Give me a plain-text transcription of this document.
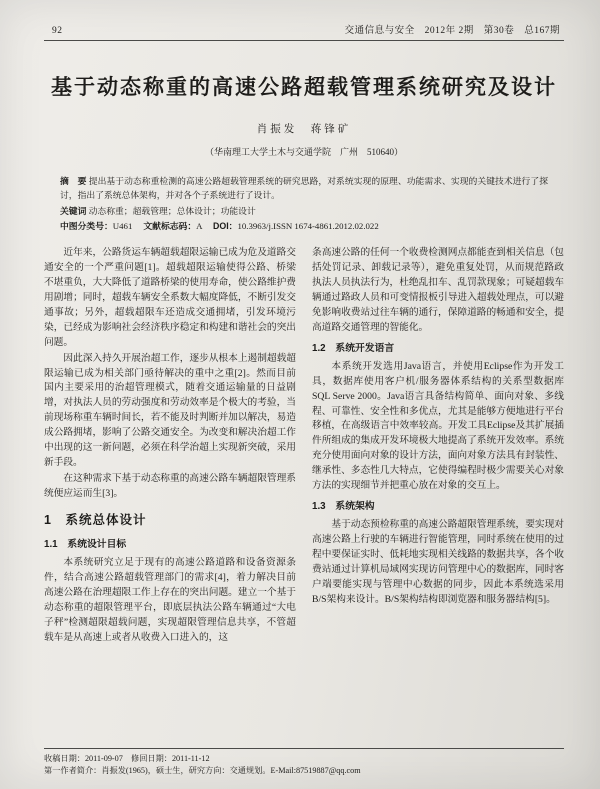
92	交通信息与安全　2012年 2期　第30卷　总167期
基于动态称重的高速公路超载管理系统研究及设计
肖振发　蒋锋矿
（华南理工大学土木与交通学院　广州　510640）

摘　要 提出基于动态称重检测的高速公路超载管理系统的研究思路，对系统实现的原理、功能需求、实现的关键技术进行了探讨，指出了系统总体架构，并对各个子系统进行了设计。

关键词 动态称重；超载管理；总体设计；功能设计

中图分类号：U461 　文献标志码：A 　DOI：10.3963/j.ISSN 1674-4861.2012.02.022

近年来，公路货运车辆超载超限运输已成为危及道路交通安全的一个严重问题[1]。超载超限运输使得公路、桥梁不堪重负，大大降低了道路桥梁的使用寿命，使公路维护费用剧增；同时，超载车辆安全系数大幅度降低，不断引发交通事故；另外，超载超限车还造成交通拥堵，引发环境污染，已经成为影响社会经济秩序稳定和构建和谐社会的突出问题。

因此深入持久开展治超工作，逐步从根本上遏制超载超限运输已成为相关部门亟待解决的重中之重[2]。然而目前国内主要采用的治超管理模式，随着交通运输量的日益剧增，对执法人员的劳动强度和劳动效率是个极大的考验，当前现场称重车辆时间长，若不能及时判断并加以解决，易造成公路拥堵，影响了公路交通安全。为改变和解决治超工作中出现的这一新问题，必须在科学治超上实现新突破，采用新手段。

在这种需求下基于动态称重的高速公路车辆超限管理系统便应运而生[3]。

1　系统总体设计
1.1　系统设计目标

本系统研究立足于现有的高速公路道路和设备资源条件，结合高速公路超载管理部门的需求[4]，着力解决目前高速公路在治理超限工作上存在的突出问题。建立一个基于动态称重的超限管理平台，即底层执法公路车辆通过“大电子秤”检测超限超载问题，实现超限管理信息共享，不管超载车是从高速上或者从收费入口进入的，这

条高速公路的任何一个收费检测网点都能查到相关信息（包括处罚记录、卸载记录等），避免重复处罚，从而规范路政执法人员执法行为，杜绝乱扣车、乱罚款现象；可疑超载车辆通过路政人员和可变情报板引导进入超载处理点，可以避免影响收费站过往车辆的通行，保障道路的畅通和安全，提高道路交通管理的智能化。

1.2　系统开发语言

本系统开发选用Java语言，并使用Eclipse作为开发工具，数据库使用客户机/服务器体系结构的关系型数据库SQL Serve 2000。Java语言具备结构简单、面向对象、多线程、可靠性、安全性和多优点，尤其是能够方便地进行平台移植，在高级语言中效率较高。开发工具Eclipse及其扩展插件所组成的集成开发环境极大地提高了系统开发效率。系统充分使用面向对象的设计方法，面向对象方法具有封装性、继承性、多态性几大特点，它使得编程时极少需要关心对象方法的实现细节并把重心放在对象的交互上。

1.3　系统架构

基于动态预检称重的高速公路超限管理系统，要实现对高速公路上行驶的车辆进行智能管理，同时系统在使用的过程中要保证实时、低耗地实现相关线路的数据共享，各个收费站通过计算机局域网实现访问管理中心的数据库，同时客户端要能实现与管理中心数据的同步，因此本系统选采用B/S架构来设计。B/S架构结构即浏览器和服务器结构[5]。

收稿日期：2011-09-07　修回日期：2011-11-12

第一作者简介：肖振发(1965)，硕士生，研究方向：交通规划。E-Mail:87519887@qq.com
